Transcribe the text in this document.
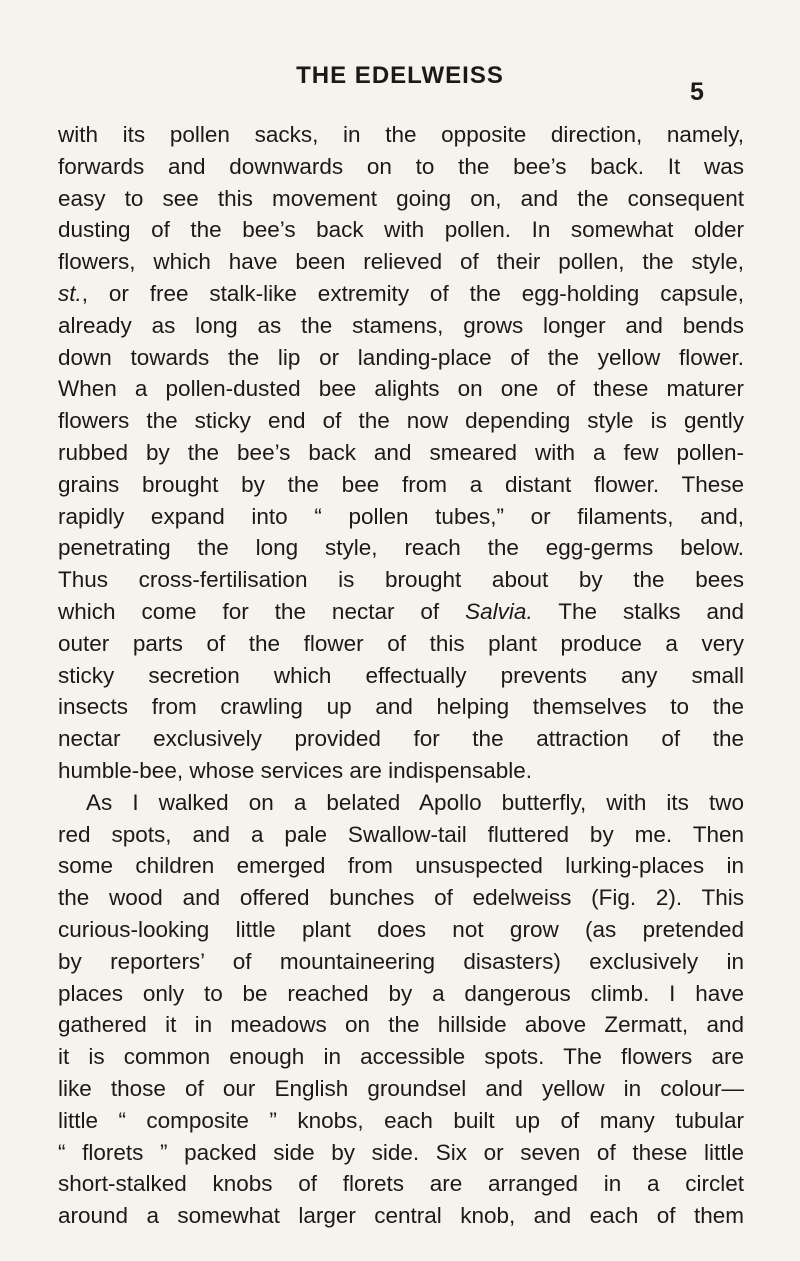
THE EDELWEISS
5
with its pollen sacks, in the opposite direction, namely,
forwards and downwards on to the bee’s back. It was
easy to see this movement going on, and the consequent
dusting of the bee’s back with pollen. In somewhat older
flowers, which have been relieved of their pollen, the style,
st., or free stalk-like extremity of the egg-holding capsule,
already as long as the stamens, grows longer and bends
down towards the lip or landing-place of the yellow flower.
When a pollen-dusted bee alights on one of these maturer
flowers the sticky end of the now depending style is gently
rubbed by the bee’s back and smeared with a few pollen-
grains brought by the bee from a distant flower. These
rapidly expand into “ pollen tubes,” or filaments, and,
penetrating the long style, reach the egg-germs below.
Thus cross-fertilisation is brought about by the bees
which come for the nectar of Salvia. The stalks and
outer parts of the flower of this plant produce a very
sticky secretion which effectually prevents any small
insects from crawling up and helping themselves to the
nectar exclusively provided for the attraction of the
humble-bee, whose services are indispensable.
As I walked on a belated Apollo butterfly, with its two
red spots, and a pale Swallow-tail fluttered by me. Then
some children emerged from unsuspected lurking-places in
the wood and offered bunches of edelweiss (Fig. 2). This
curious-looking little plant does not grow (as pretended
by reporters’ of mountaineering disasters) exclusively in
places only to be reached by a dangerous climb. I have
gathered it in meadows on the hillside above Zermatt, and
it is common enough in accessible spots. The flowers are
like those of our English groundsel and yellow in colour—
little “ composite ” knobs, each built up of many tubular
“ florets ” packed side by side. Six or seven of these little
short-stalked knobs of florets are arranged in a circlet
around a somewhat larger central knob, and each of them
